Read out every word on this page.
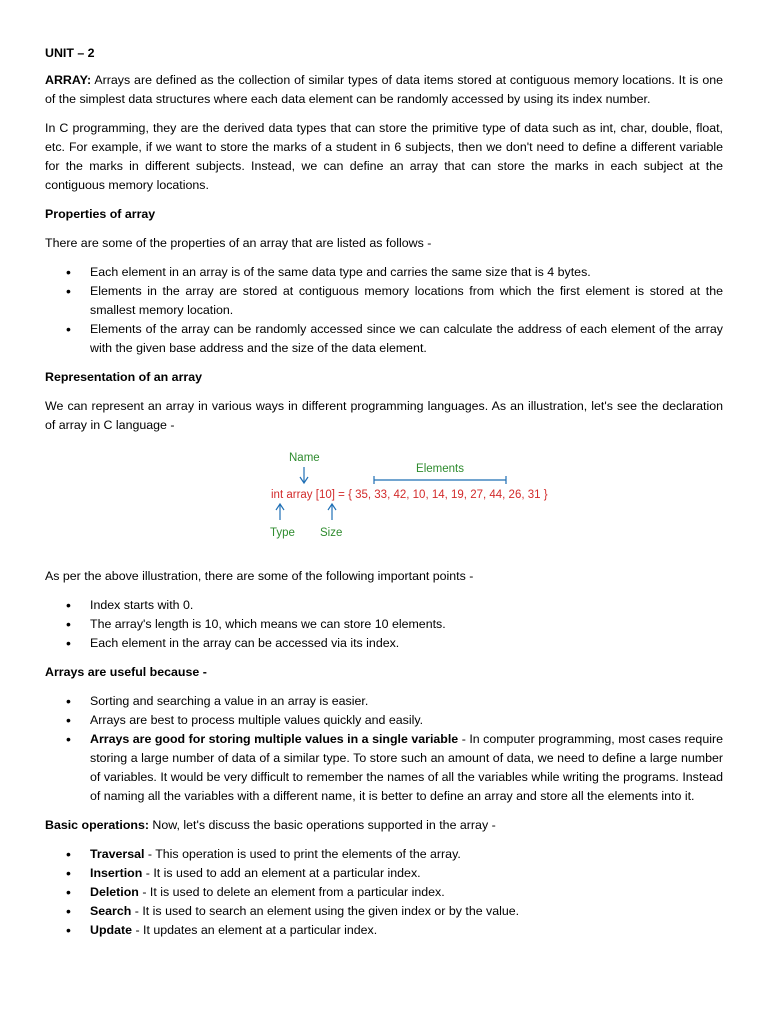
UNIT – 2

ARRAY: Arrays are defined as the collection of similar types of data items stored at contiguous memory locations. It is one of the simplest data structures where each data element can be randomly accessed by using its index number.

In C programming, they are the derived data types that can store the primitive type of data such as int, char, double, float, etc. For example, if we want to store the marks of a student in 6 subjects, then we don't need to define a different variable for the marks in different subjects. Instead, we can define an array that can store the marks in each subject at the contiguous memory locations.

Properties of array

There are some of the properties of an array that are listed as follows -

• Each element in an array is of the same data type and carries the same size that is 4 bytes.
• Elements in the array are stored at contiguous memory locations from which the first element is stored at the smallest memory location.
• Elements of the array can be randomly accessed since we can calculate the address of each element of the array with the given base address and the size of the data element.

Representation of an array

We can represent an array in various ways in different programming languages. As an illustration, let's see the declaration of array in C language -

Name
Elements
int array [10] = { 35, 33, 42, 10, 14, 19, 27, 44, 26, 31 }
Type Size

As per the above illustration, there are some of the following important points -

• Index starts with 0.
• The array's length is 10, which means we can store 10 elements.
• Each element in the array can be accessed via its index.

Arrays are useful because -

• Sorting and searching a value in an array is easier.
• Arrays are best to process multiple values quickly and easily.
• Arrays are good for storing multiple values in a single variable - In computer programming, most cases require storing a large number of data of a similar type. To store such an amount of data, we need to define a large number of variables. It would be very difficult to remember the names of all the variables while writing the programs. Instead of naming all the variables with a different name, it is better to define an array and store all the elements into it.

Basic operations: Now, let's discuss the basic operations supported in the array -

• Traversal - This operation is used to print the elements of the array.
• Insertion - It is used to add an element at a particular index.
• Deletion - It is used to delete an element from a particular index.
• Search - It is used to search an element using the given index or by the value.
• Update - It updates an element at a particular index.
